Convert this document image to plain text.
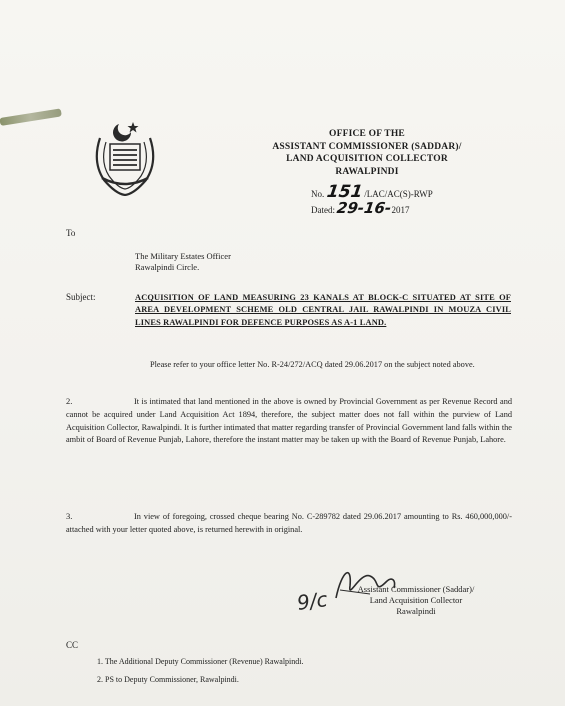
OFFICE OF THE
ASSISTANT COMMISSIONER (SADDAR)/
LAND ACQUISITION COLLECTOR
RAWALPINDI
No. 151 /LAC/AC(S)-RWP
Dated: 29-16-2017
To
The Military Estates Officer
Rawalpindi Circle.
Subject:	ACQUISITION OF LAND MEASURING 23 KANALS AT BLOCK-C SITUATED AT SITE OF AREA DEVELOPMENT SCHEME OLD CENTRAL JAIL RAWALPINDI IN MOUZA CIVIL LINES RAWALPINDI FOR DEFENCE PURPOSES AS A-1 LAND.
Please refer to your office letter No. R-24/272/ACQ dated 29.06.2017 on the subject noted above.
2.	It is intimated that land mentioned in the above is owned by Provincial Government as per Revenue Record and cannot be acquired under Land Acquisition Act 1894, therefore, the subject matter does not fall within the purview of Land Acquisition Collector, Rawalpindi. It is further intimated that matter regarding transfer of Provincial Government land falls within the ambit of Board of Revenue Punjab, Lahore, therefore the instant matter may be taken up with the Board of Revenue Punjab, Lahore.
3.	In view of foregoing, crossed cheque bearing No. C-289782 dated 29.06.2017 amounting to Rs. 460,000,000/- attached with your letter quoted above, is returned herewith in original.
9/c	Assistant Commissioner (Saddar)/
Land Acquisition Collector
Rawalpindi
CC
1. The Additional Deputy Commissioner (Revenue) Rawalpindi.
2. PS to Deputy Commissioner, Rawalpindi.
